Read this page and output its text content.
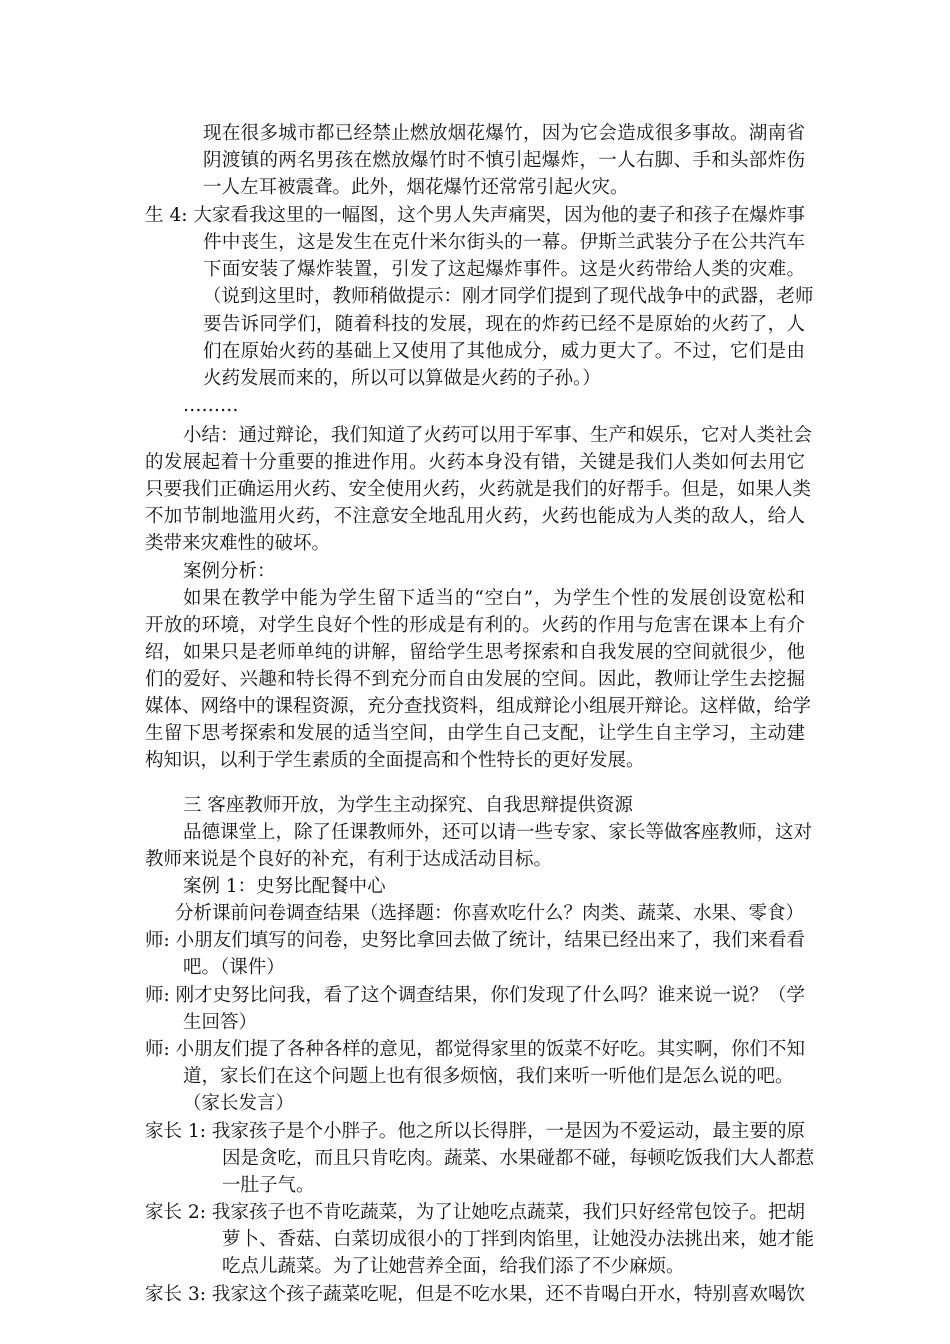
现在很多城市都已经禁止燃放烟花爆竹，因为它会造成很多事故。湖南省
阴渡镇的两名男孩在燃放爆竹时不慎引起爆炸，一人右脚、手和头部炸伤
一人左耳被震聋。此外，烟花爆竹还常常引起火灾。
生 4: 大家看我这里的一幅图，这个男人失声痛哭，因为他的妻子和孩子在爆炸事
件中丧生，这是发生在克什米尔街头的一幕。伊斯兰武装分子在公共汽车
下面安装了爆炸装置，引发了这起爆炸事件。这是火药带给人类的灾难。
（说到这里时，教师稍做提示：刚才同学们提到了现代战争中的武器，老师
要告诉同学们，随着科技的发展，现在的炸药已经不是原始的火药了，人
们在原始火药的基础上又使用了其他成分，威力更大了。不过，它们是由
火药发展而来的，所以可以算做是火药的子孙。）
………
小结：通过辩论，我们知道了火药可以用于军事、生产和娱乐，它对人类社会
的发展起着十分重要的推进作用。火药本身没有错，关键是我们人类如何去用它
只要我们正确运用火药、安全使用火药，火药就是我们的好帮手。但是，如果人类
不加节制地滥用火药，不注意安全地乱用火药，火药也能成为人类的敌人，给人
类带来灾难性的破坏。
案例分析：
如果在教学中能为学生留下适当的“空白”，为学生个性的发展创设宽松和
开放的环境，对学生良好个性的形成是有利的。火药的作用与危害在课本上有介
绍，如果只是老师单纯的讲解，留给学生思考探索和自我发展的空间就很少，他
们的爱好、兴趣和特长得不到充分而自由发展的空间。因此，教师让学生去挖掘
媒体、网络中的课程资源，充分查找资料，组成辩论小组展开辩论。这样做，给学
生留下思考探索和发展的适当空间，由学生自己支配，让学生自主学习，主动建
构知识，以利于学生素质的全面提高和个性特长的更好发展。
三 客座教师开放，为学生主动探究、自我思辩提供资源
品德课堂上，除了任课教师外，还可以请一些专家、家长等做客座教师，这对
教师来说是个良好的补充，有利于达成活动目标。
案例 1：史努比配餐中心
分析课前问卷调查结果（选择题：你喜欢吃什么？肉类、蔬菜、水果、零食）
师: 小朋友们填写的问卷，史努比拿回去做了统计，结果已经出来了，我们来看看
吧。（课件）
师: 刚才史努比问我，看了这个调查结果，你们发现了什么吗？谁来说一说？（学
生回答）
师: 小朋友们提了各种各样的意见，都觉得家里的饭菜不好吃。其实啊，你们不知
道，家长们在这个问题上也有很多烦恼，我们来听一听他们是怎么说的吧。
（家长发言）
家长 1: 我家孩子是个小胖子。他之所以长得胖，一是因为不爱运动，最主要的原
因是贪吃，而且只肯吃肉。蔬菜、水果碰都不碰，每顿吃饭我们大人都惹
一肚子气。
家长 2: 我家孩子也不肯吃蔬菜，为了让她吃点蔬菜，我们只好经常包饺子。把胡
萝卜、香菇、白菜切成很小的丁拌到肉馅里，让她没办法挑出来，她才能
吃点儿蔬菜。为了让她营养全面，给我们添了不少麻烦。
家长 3: 我家这个孩子蔬菜吃呢，但是不吃水果，还不肯喝白开水，特别喜欢喝饮
